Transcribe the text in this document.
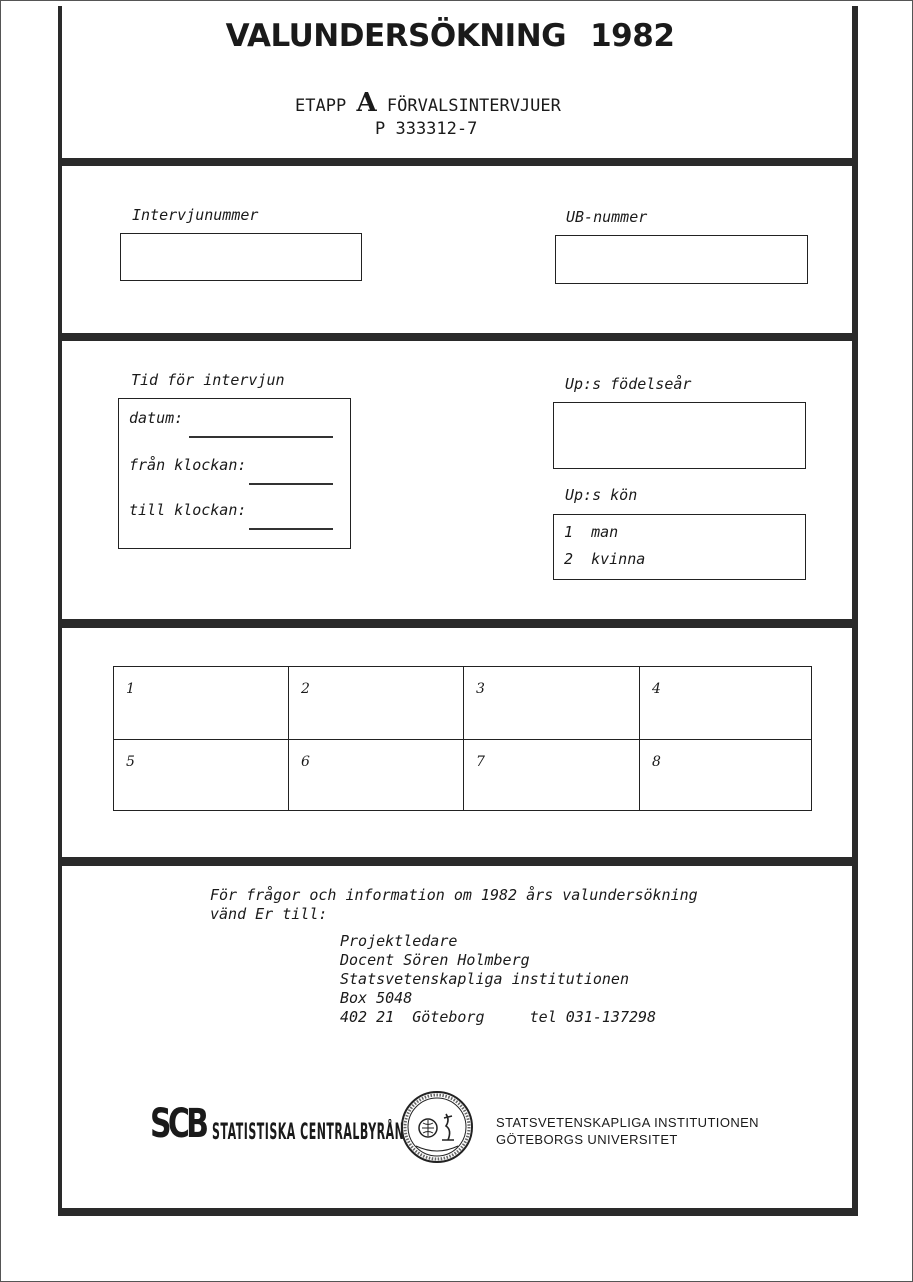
VALUNDERSÖKNING 1982
ETAPP A FÖRVALSINTERVJUER
P 333312-7
Intervjunummer	UB-nummer
Tid för intervjun
datum:
från klockan:
till klockan:
Up:s födelseår
Up:s kön
1 man
2 kvinna
1	2	3	4
5	6	7	8
För frågor och information om 1982 års valundersökning
vänd Er till:
Projektledare
Docent Sören Holmberg
Statsvetenskapliga institutionen
Box 5048
402 21 Göteborg	tel 031-137298
SCB STATISTISKA CENTRALBYRÅN	STATSVETENSKAPLIGA INSTITUTIONEN
GÖTEBORGS UNIVERSITET
